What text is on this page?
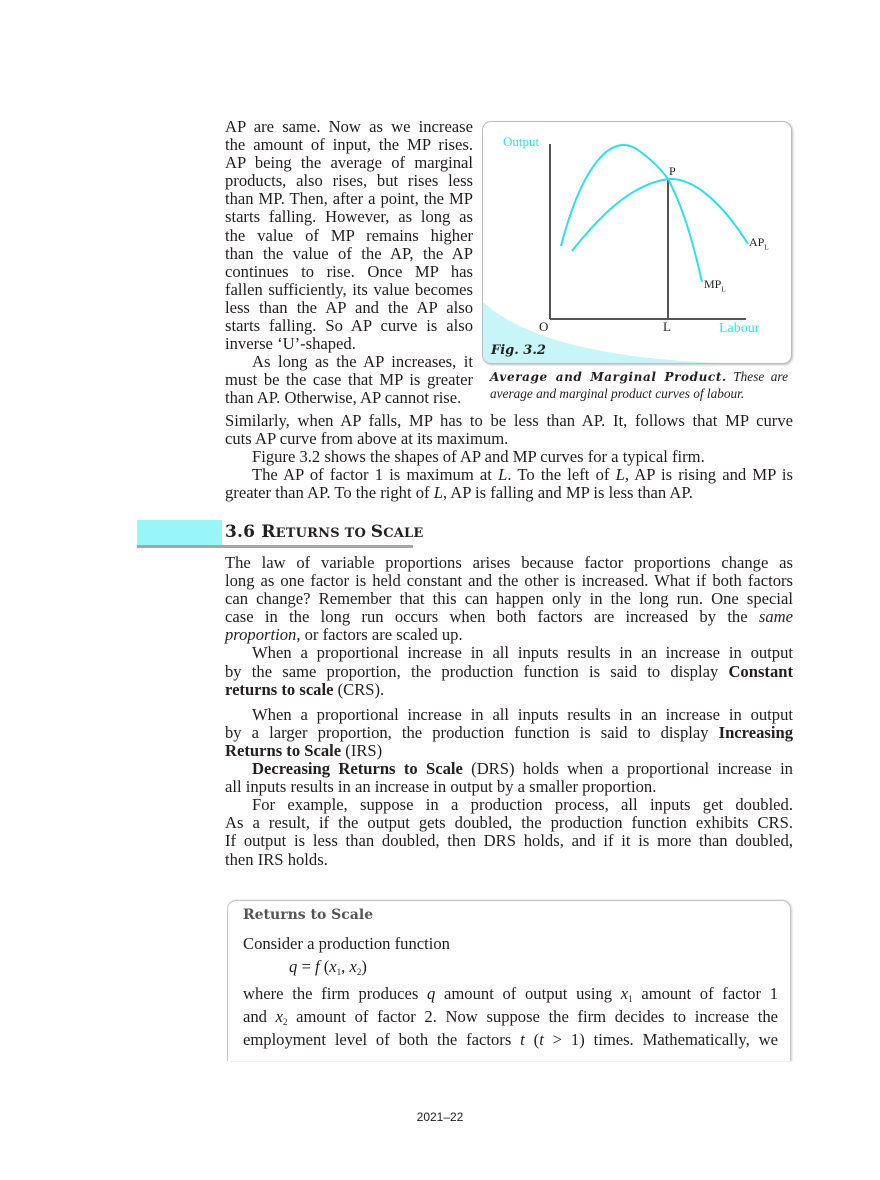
AP are same. Now as we increase
the amount of input, the MP rises.
AP being the average of marginal
products, also rises, but rises less
than MP. Then, after a point, the MP
starts falling. However, as long as
the value of MP remains higher
than the value of the AP, the AP
continues to rise. Once MP has
fallen sufficiently, its value becomes
less than the AP and the AP also
starts falling. So AP curve is also
inverse ‘U’-shaped.
As long as the AP increases, it
must be the case that MP is greater
than AP. Otherwise, AP cannot rise.
Output
O	L	Labour
P
$AP_L$
$MP_L$
Fig. 3.2
Average and Marginal Product. These are
average and marginal product curves of labour.
Similarly, when AP falls, MP has to be less than AP. It, follows that MP curve
cuts AP curve from above at its maximum.
Figure 3.2 shows the shapes of AP and MP curves for a typical firm.
The AP of factor 1 is maximum at L. To the left of L, AP is rising and MP is
greater than AP. To the right of L, AP is falling and MP is less than AP.
3.6 RETURNS TO SCALE
The law of variable proportions arises because factor proportions change as
long as one factor is held constant and the other is increased. What if both factors
can change? Remember that this can happen only in the long run. One special
case in the long run occurs when both factors are increased by the same
proportion, or factors are scaled up.
When a proportional increase in all inputs results in an increase in output
by the same proportion, the production function is said to display Constant
returns to scale (CRS).
When a proportional increase in all inputs results in an increase in output
by a larger proportion, the production function is said to display Increasing
Returns to Scale (IRS)
Decreasing Returns to Scale (DRS) holds when a proportional increase in
all inputs results in an increase in output by a smaller proportion.
For example, suppose in a production process, all inputs get doubled.
As a result, if the output gets doubled, the production function exhibits CRS.
If output is less than doubled, then DRS holds, and if it is more than doubled,
then IRS holds.
Returns to Scale
Consider a production function
q = f ($x_1$, $x_2$)
where the firm produces q amount of output using $x_1$ amount of factor 1
and $x_2$ amount of factor 2. Now suppose the firm decides to increase the
employment level of both the factors t (t > 1) times. Mathematically, we
2021–22
